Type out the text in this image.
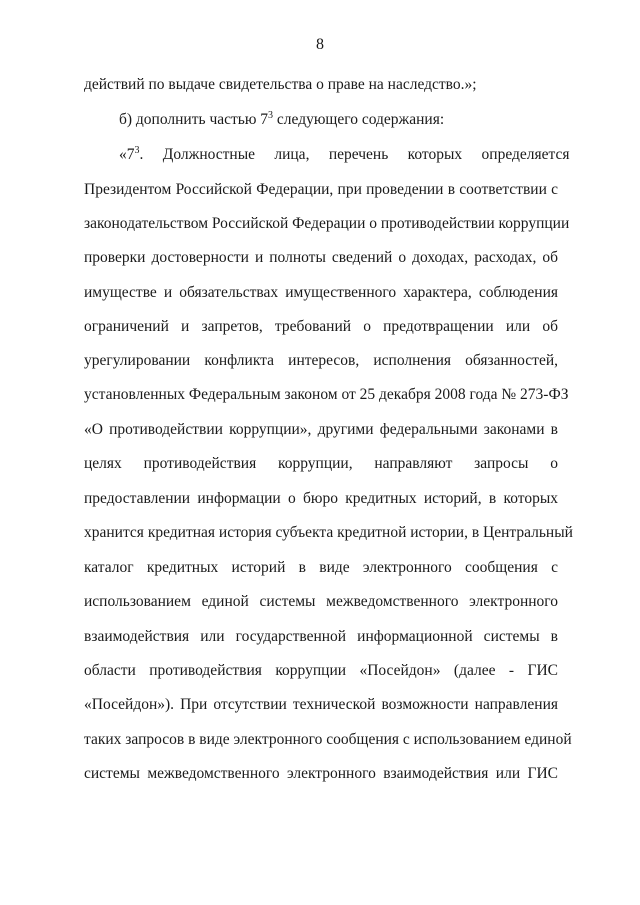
8
действий по выдаче свидетельства о праве на наследство.»;
б) дополнить частью $7^3$ следующего содержания:
«$7^3$.     Должностные     лица,     перечень     которых     определяется
Президентом Российской Федерации, при проведении в соответствии с
законодательством Российской Федерации о противодействии коррупции
проверки достоверности и полноты сведений о доходах, расходах, об
имуществе и обязательствах имущественного характера, соблюдения
ограничений и запретов, требований о предотвращении или об
урегулировании конфликта интересов, исполнения обязанностей,
установленных Федеральным законом от 25 декабря 2008 года № 273-ФЗ
«О противодействии коррупции», другими федеральными законами в
целях противодействия коррупции, направляют запросы о
предоставлении информации о бюро кредитных историй, в которых
хранится кредитная история субъекта кредитной истории, в Центральный
каталог кредитных историй в виде электронного сообщения с
использованием единой системы межведомственного электронного
взаимодействия или государственной информационной системы в
области противодействия коррупции «Посейдон» (далее - ГИС
«Посейдон»). При отсутствии технической возможности направления
таких запросов в виде электронного сообщения с использованием единой
системы межведомственного электронного взаимодействия или ГИС
